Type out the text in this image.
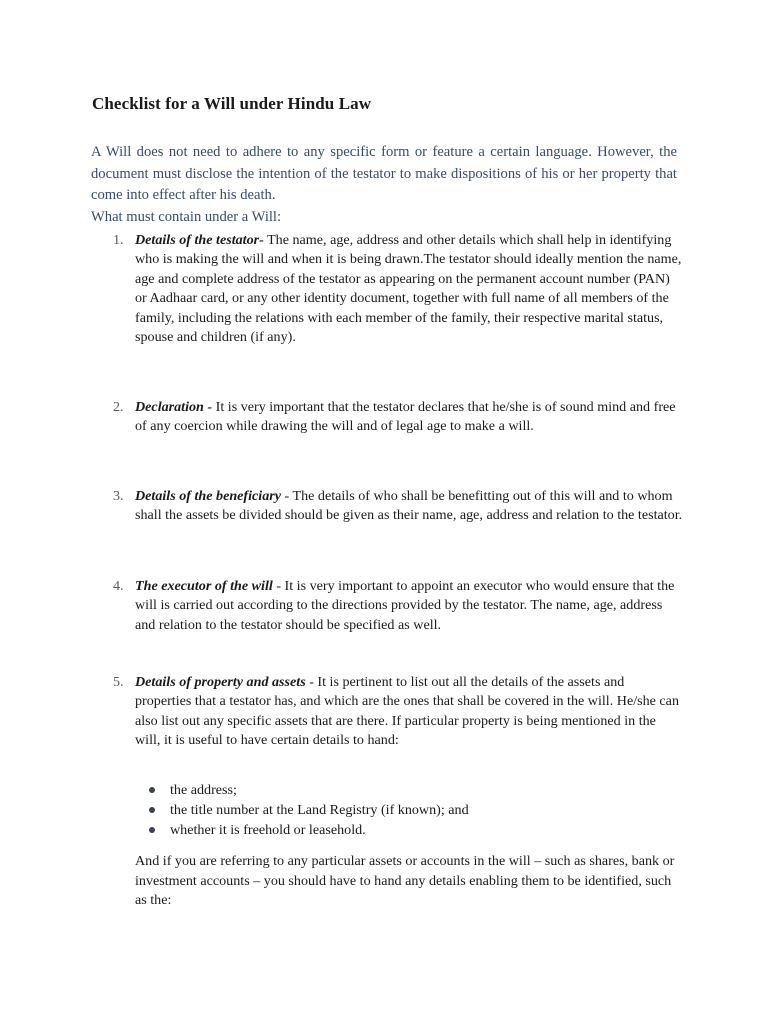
Checklist for a Will under Hindu Law

A Will does not need to adhere to any specific form or feature a certain language. However, the document must disclose the intention of the testator to make dispositions of his or her property that come into effect after his death.

What must contain under a Will:

1. Details of the testator- The name, age, address and other details which shall help in identifying who is making the will and when it is being drawn.The testator should ideally mention the name, age and complete address of the testator as appearing on the permanent account number (PAN) or Aadhaar card, or any other identity document, together with full name of all members of the family, including the relations with each member of the family, their respective marital status, spouse and children (if any).
2. Declaration - It is very important that the testator declares that he/she is of sound mind and free of any coercion while drawing the will and of legal age to make a will.
3. Details of the beneficiary - The details of who shall be benefitting out of this will and to whom shall the assets be divided should be given as their name, age, address and relation to the testator.
4. The executor of the will - It is very important to appoint an executor who would ensure that the will is carried out according to the directions provided by the testator. The name, age, address and relation to the testator should be specified as well.
5. Details of property and assets - It is pertinent to list out all the details of the assets and properties that a testator has, and which are the ones that shall be covered in the will. He/she can also list out any specific assets that are there. If particular property is being mentioned in the will, it is useful to have certain details to hand:
the address;
the title number at the Land Registry (if known); and
whether it is freehold or leasehold.

And if you are referring to any particular assets or accounts in the will – such as shares, bank or investment accounts – you should have to hand any details enabling them to be identified, such as the:
